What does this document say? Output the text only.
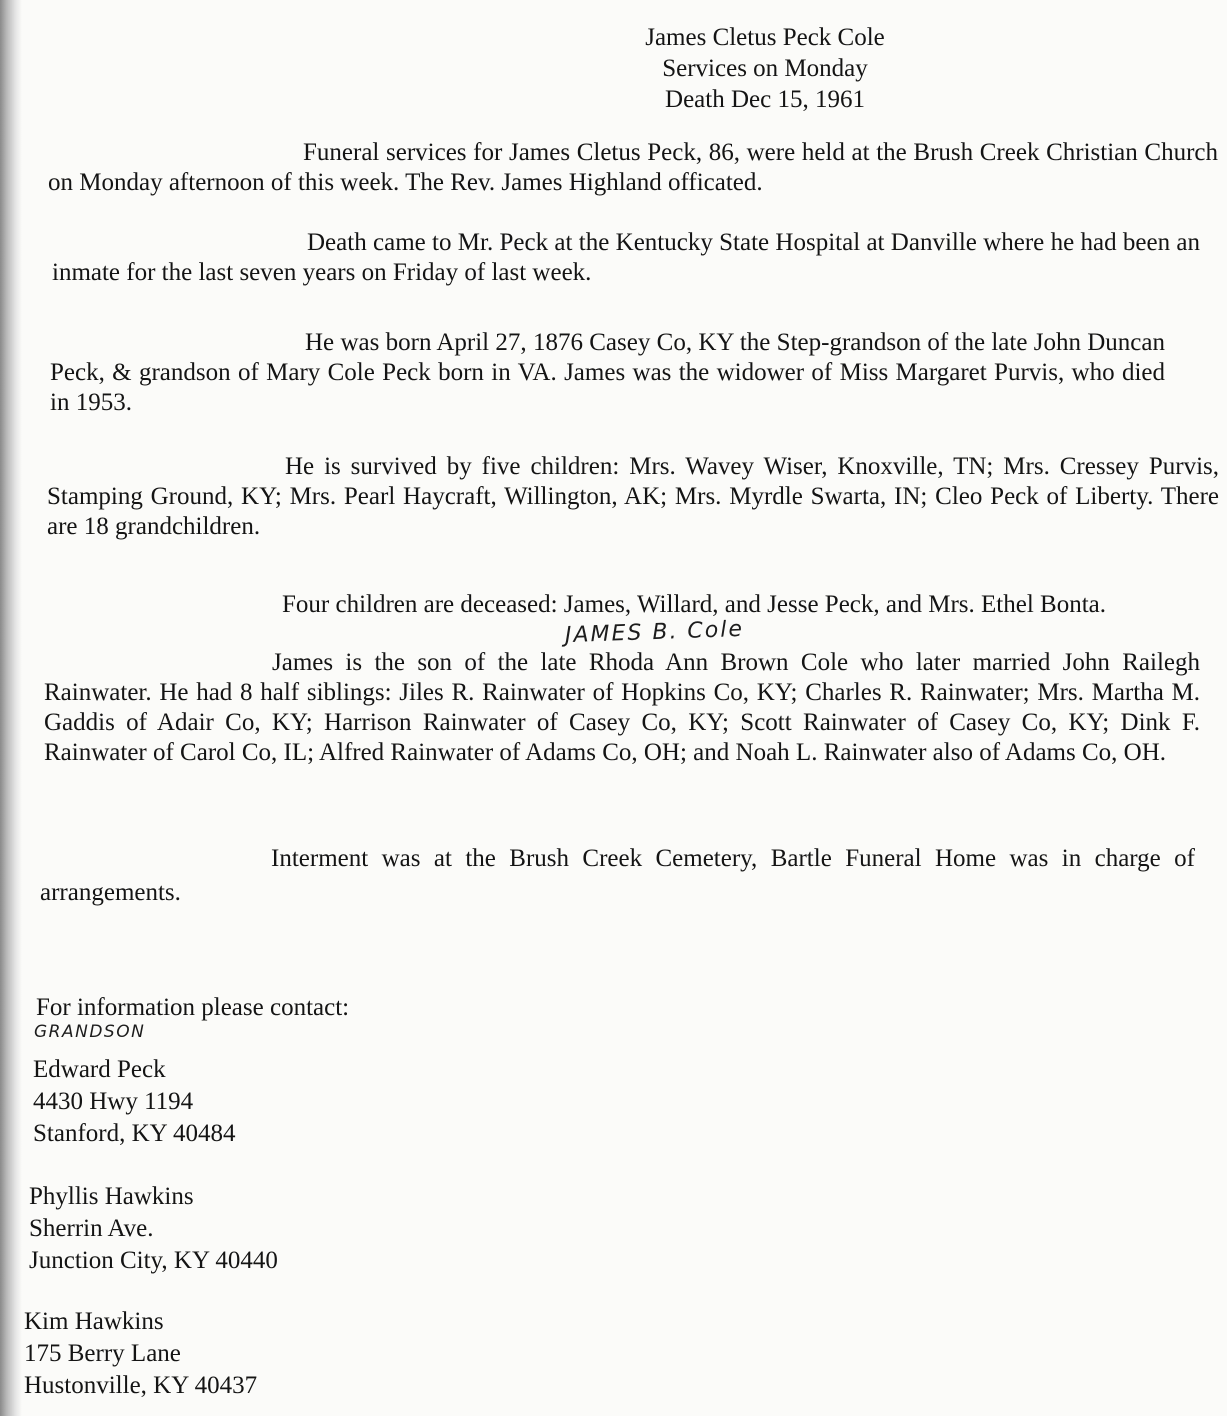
James Cletus Peck Cole
Services on Monday
Death Dec 15, 1961
Funeral services for James Cletus Peck, 86, were held at the Brush Creek Christian Church on Monday afternoon of this week. The Rev. James Highland officated.
Death came to Mr. Peck at the Kentucky State Hospital at Danville where he had been an inmate for the last seven years on Friday of last week.
He was born April 27, 1876 Casey Co, KY the Step-grandson of the late John Duncan Peck, & grandson of Mary Cole Peck born in VA. James was the widower of Miss Margaret Purvis, who died in 1953.
He is survived by five children: Mrs. Wavey Wiser, Knoxville, TN; Mrs. Cressey Purvis, Stamping Ground, KY; Mrs. Pearl Haycraft, Willington, AK; Mrs. Myrdle Swarta, IN; Cleo Peck of Liberty. There are 18 grandchildren.
Four children are deceased: James, Willard, and Jesse Peck, and Mrs. Ethel Bonta.
JAMES B. Cole
James is the son of the late Rhoda Ann Brown Cole who later married John Railegh Rainwater. He had 8 half siblings: Jiles R. Rainwater of Hopkins Co, KY; Charles R. Rainwater; Mrs. Martha M. Gaddis of Adair Co, KY; Harrison Rainwater of Casey Co, KY; Scott Rainwater of Casey Co, KY; Dink F. Rainwater of Carol Co, IL; Alfred Rainwater of Adams Co, OH; and Noah L. Rainwater also of Adams Co, OH.
Interment was at the Brush Creek Cemetery, Bartle Funeral Home was in charge of arrangements.
For information please contact:
GRANDSON
Edward Peck
4430 Hwy 1194
Stanford, KY 40484
Phyllis Hawkins
Sherrin Ave.
Junction City, KY 40440
Kim Hawkins
175 Berry Lane
Hustonville, KY 40437
